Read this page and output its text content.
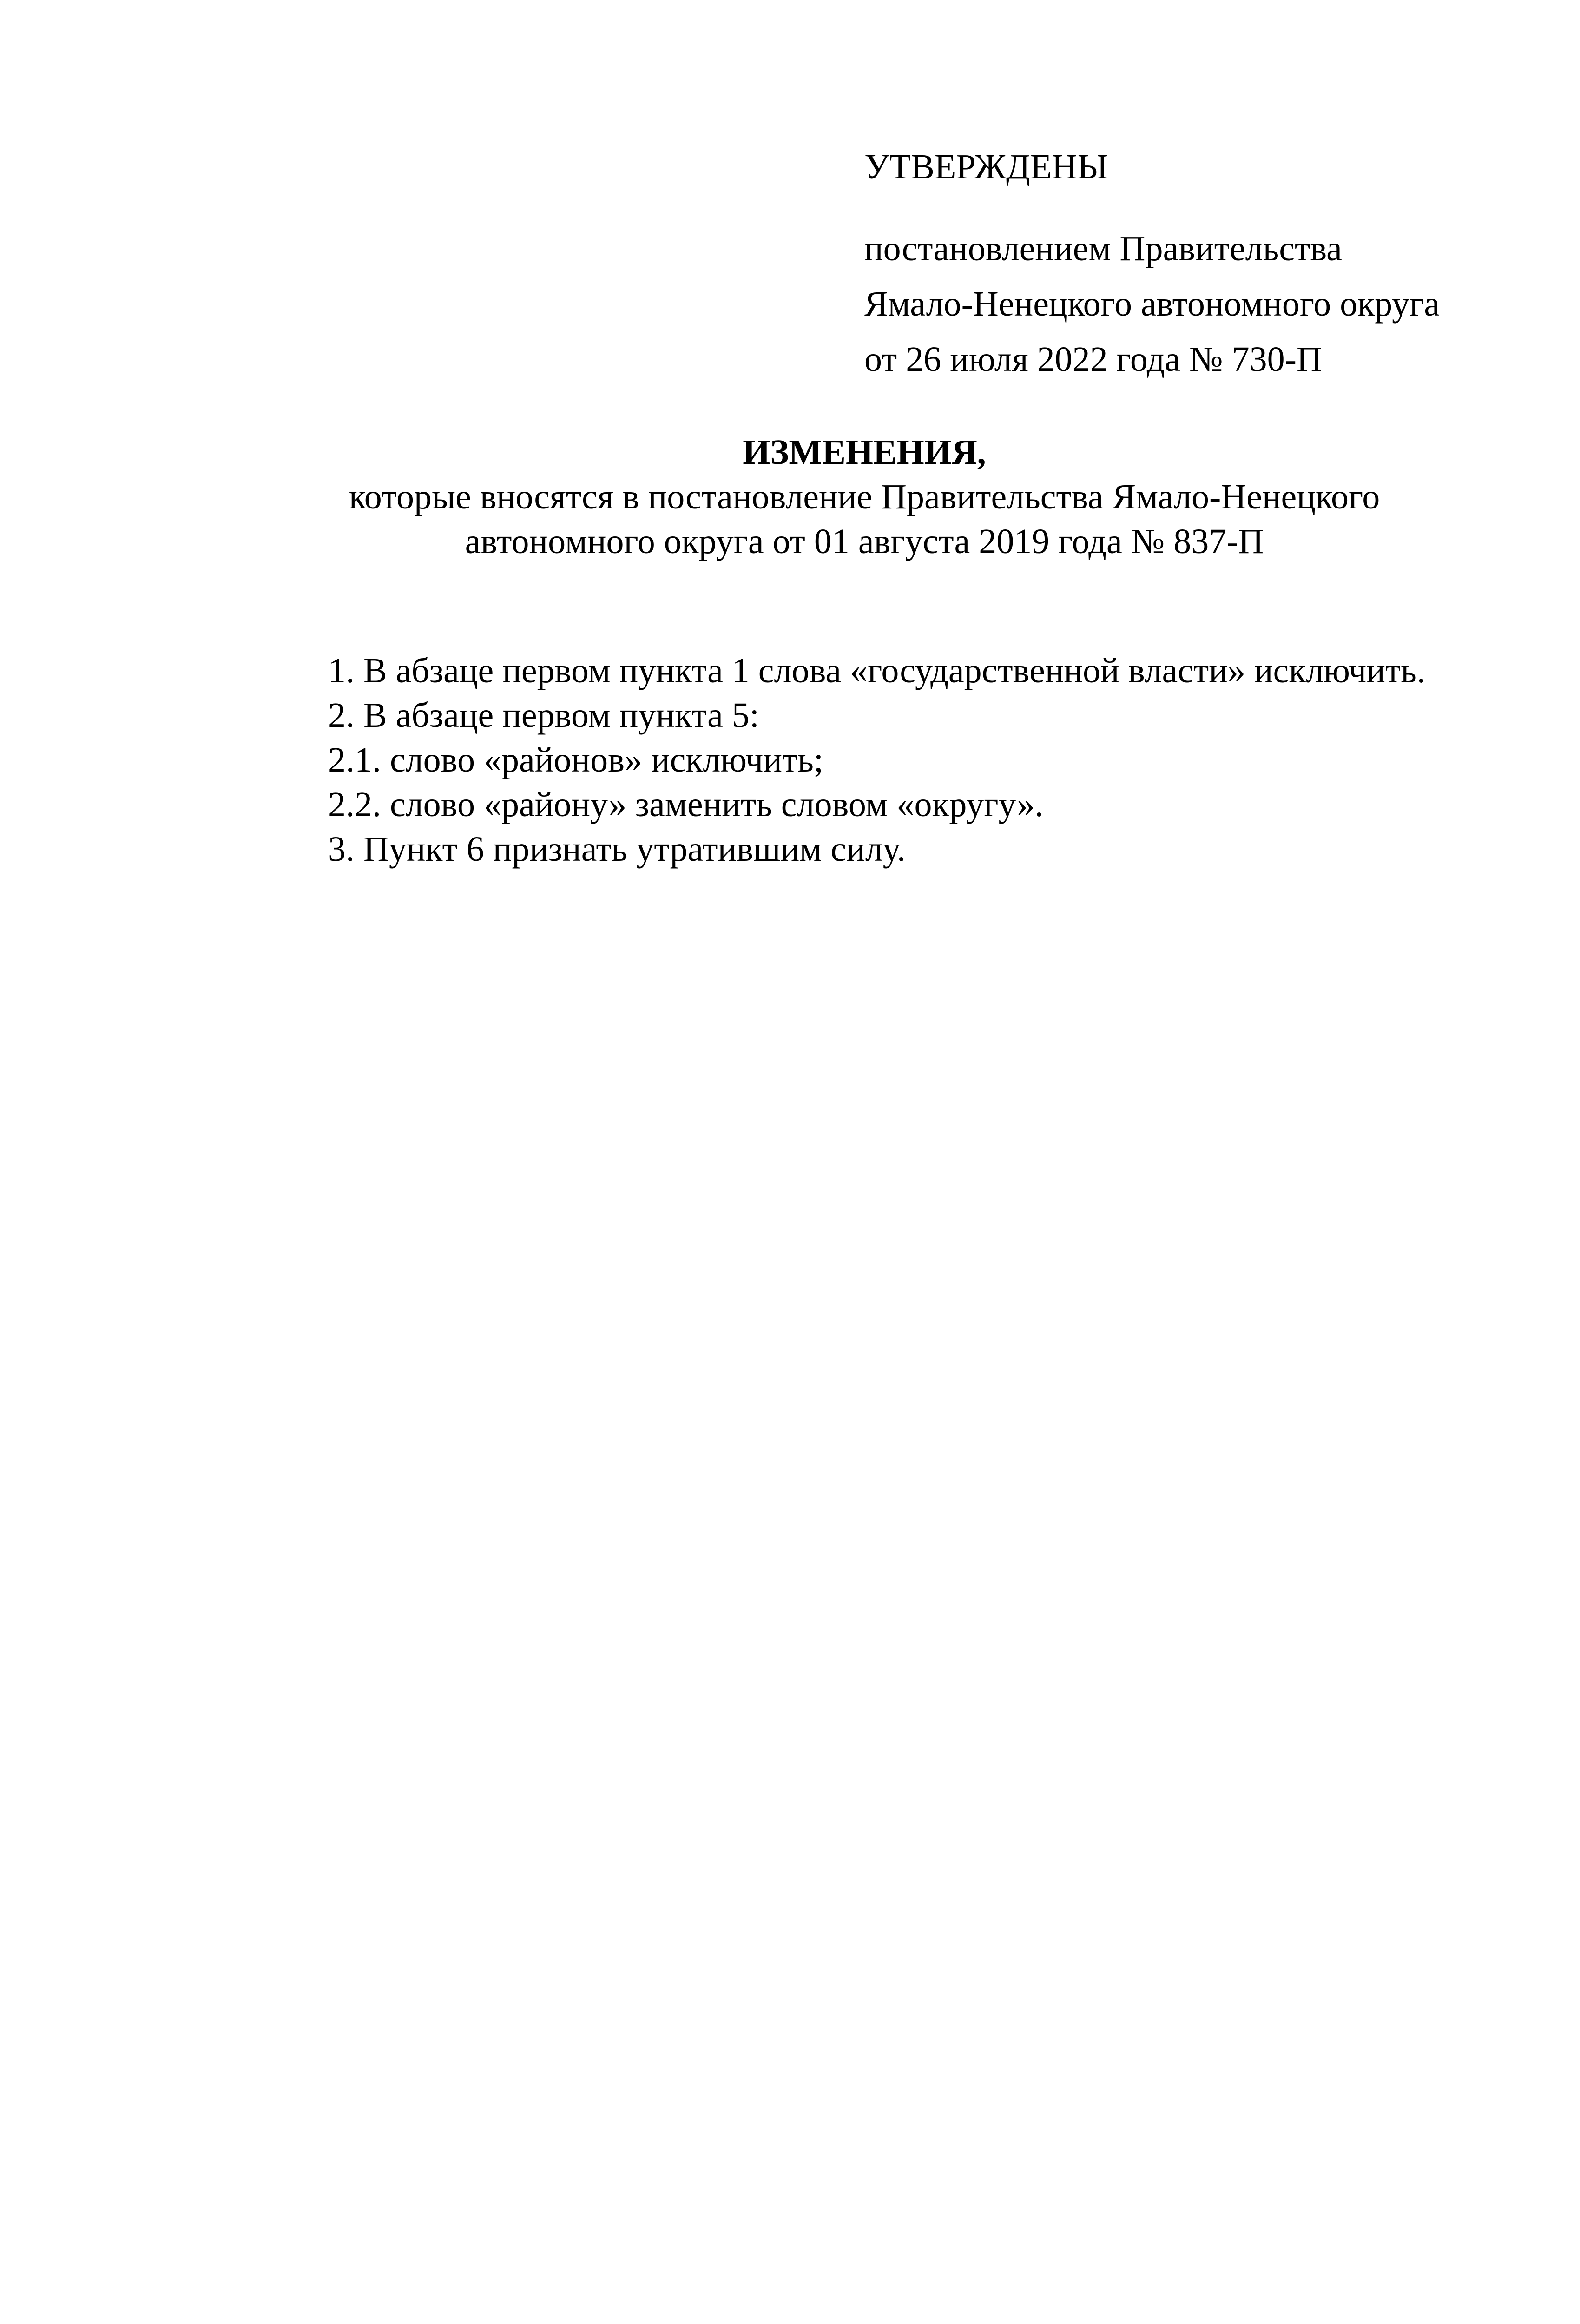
УТВЕРЖДЕНЫ
постановлением Правительства
Ямало-Ненецкого автономного округа
от 26 июля 2022 года № 730-П
ИЗМЕНЕНИЯ,
которые вносятся в постановление Правительства Ямало-Ненецкого
автономного округа от 01 августа 2019 года № 837-П
1. В абзаце первом пункта 1 слова «государственной власти» исключить.
2. В абзаце первом пункта 5:
2.1. слово «районов» исключить;
2.2. слово «району» заменить словом «округу».
3. Пункт 6 признать утратившим силу.
